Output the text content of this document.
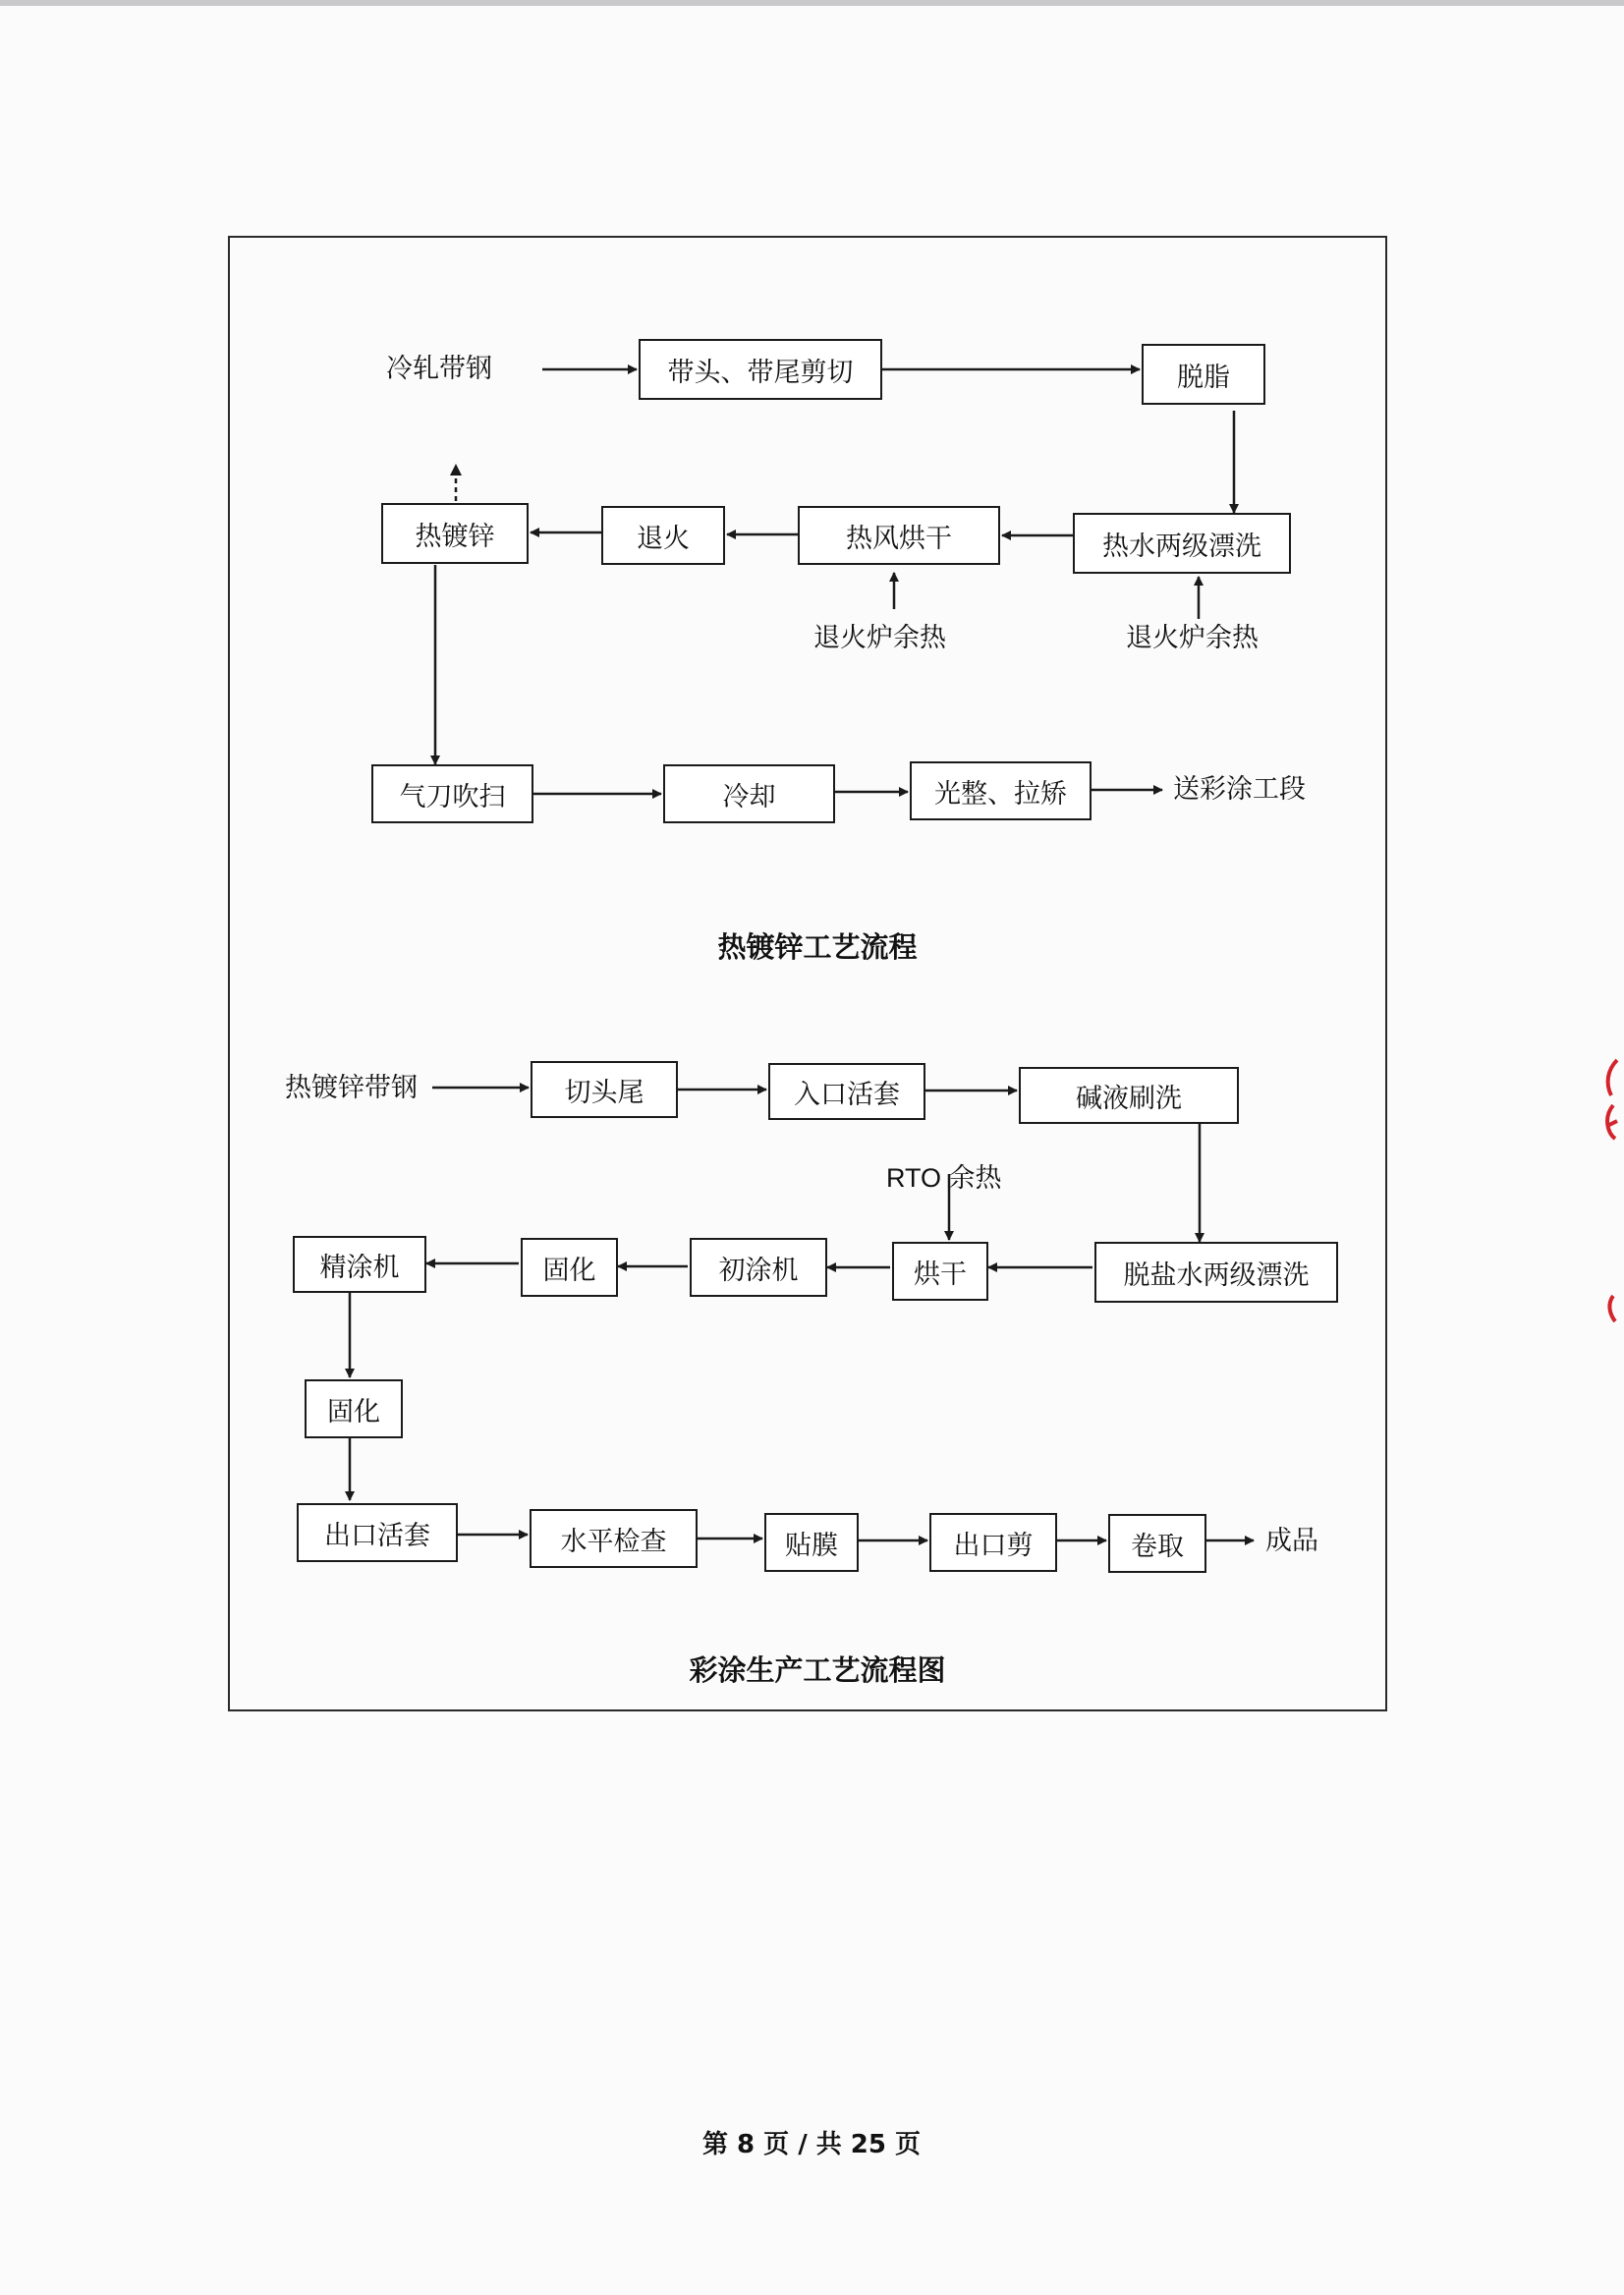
冷轧带钢	带头、带尾剪切	脱脂
热水两级漂洗
热风烘干
退火
热镀锌
退火炉余热	退火炉余热
气刀吹扫	冷却	光整、拉矫	送彩涂工段
热镀锌工艺流程
热镀锌带钢	切头尾	入口活套	碱液刷洗
RTO 余热
脱盐水两级漂洗
烘干
初涂机
固化
精涂机
固化
出口活套	水平检查	贴膜	出口剪	卷取	成品
彩涂生产工艺流程图
第 8 页 / 共 25 页
